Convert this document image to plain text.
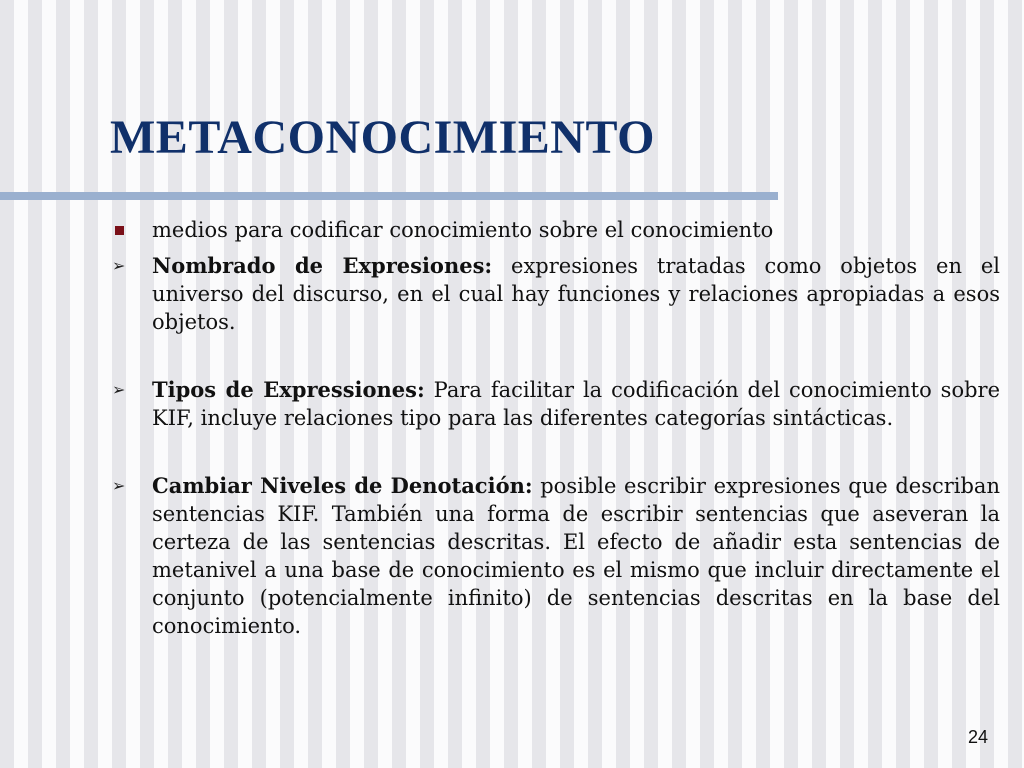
METACONOCIMIENTO
medios para codificar conocimiento sobre el conocimiento
➢ Nombrado de Expresiones: expresiones tratadas como objetos en el universo del discurso, en el cual hay funciones y relaciones apropiadas a esos objetos.
➢ Tipos de Expressiones: Para facilitar la codificación del conocimiento sobre KIF, incluye relaciones tipo para las diferentes categorías sintácticas.
➢ Cambiar Niveles de Denotación: posible escribir expresiones que describan sentencias KIF. También una forma de escribir sentencias que aseveran la certeza de las sentencias descritas. El efecto de añadir esta sentencias de metanivel a una base de conocimiento es el mismo que incluir directamente el conjunto (potencialmente infinito) de sentencias descritas en la base del conocimiento.
24
